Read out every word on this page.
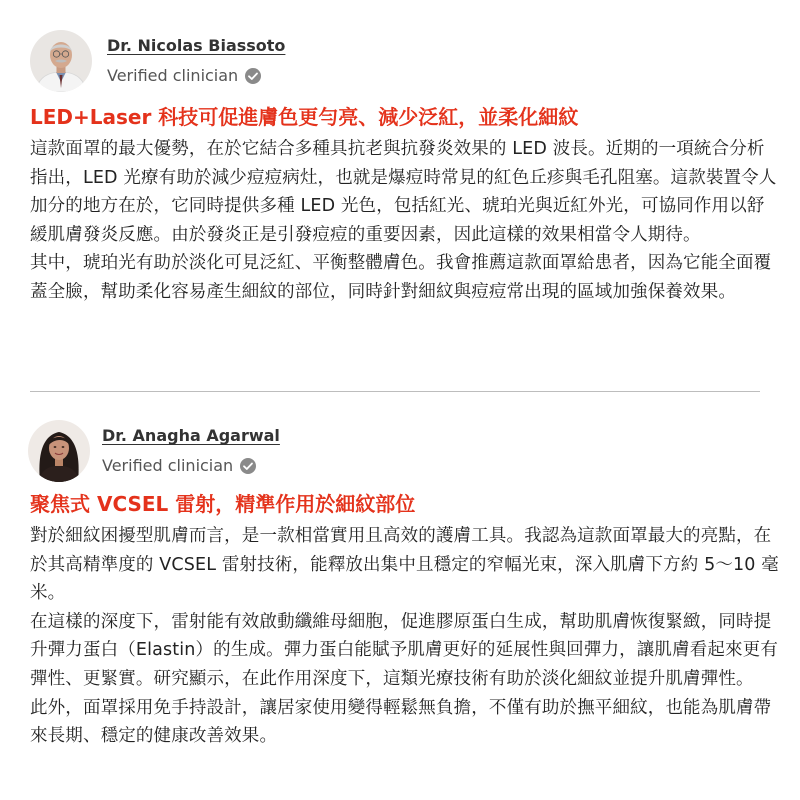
Dr. Nicolas Biassoto
Verified clinician
LED+Laser 科技可促進膚色更勻亮、減少泛紅，並柔化細紋

這款面罩的最大優勢，在於它結合多種具抗老與抗發炎效果的 LED 波長。近期的一項統合分析指出，LED 光療有助於減少痘痘病灶，也就是爆痘時常見的紅色丘疹與毛孔阻塞。這款裝置令人加分的地方在於，它同時提供多種 LED 光色，包括紅光、琥珀光與近紅外光，可協同作用以舒緩肌膚發炎反應。由於發炎正是引發痘痘的重要因素，因此這樣的效果相當令人期待。

其中，琥珀光有助於淡化可見泛紅、平衡整體膚色。我會推薦這款面罩給患者，因為它能全面覆蓋全臉，幫助柔化容易產生細紋的部位，同時針對細紋與痘痘常出現的區域加強保養效果。

Dr. Anagha Agarwal
Verified clinician
聚焦式 VCSEL 雷射，精準作用於細紋部位

對於細紋困擾型肌膚而言，是一款相當實用且高效的護膚工具。我認為這款面罩最大的亮點，在於其高精準度的 VCSEL 雷射技術，能釋放出集中且穩定的窄幅光束，深入肌膚下方約 5〜10 毫米。

在這樣的深度下，雷射能有效啟動纖維母細胞，促進膠原蛋白生成，幫助肌膚恢復緊緻，同時提升彈力蛋白（Elastin）的生成。彈力蛋白能賦予肌膚更好的延展性與回彈力，讓肌膚看起來更有彈性、更緊實。研究顯示，在此作用深度下，這類光療技術有助於淡化細紋並提升肌膚彈性。

此外，面罩採用免手持設計，讓居家使用變得輕鬆無負擔，不僅有助於撫平細紋，也能為肌膚帶來長期、穩定的健康改善效果。
